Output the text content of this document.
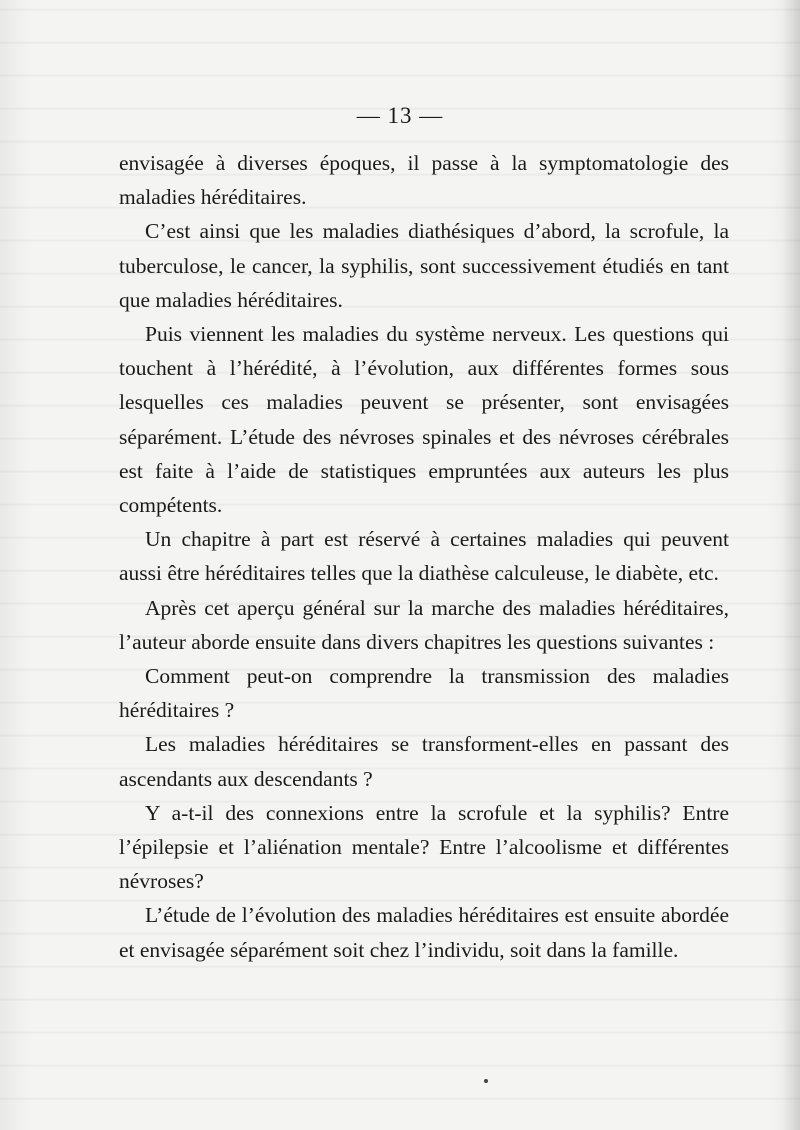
— 13 —

envisagée à diverses époques, il passe à la symptomatologie des maladies héréditaires.

C’est ainsi que les maladies diathésiques d’abord, la scrofule, la tuberculose, le cancer, la syphilis, sont successivement étudiés en tant que maladies héréditaires.

Puis viennent les maladies du système nerveux. Les questions qui touchent à l’hérédité, à l’évolution, aux différentes formes sous lesquelles ces maladies peuvent se présenter, sont envisagées séparément. L’étude des névroses spinales et des névroses cérébrales est faite à l’aide de statistiques empruntées aux auteurs les plus compétents.

Un chapitre à part est réservé à certaines maladies qui peuvent aussi être héréditaires telles que la diathèse calculeuse, le diabète, etc.

Après cet aperçu général sur la marche des maladies héréditaires, l’auteur aborde ensuite dans divers chapitres les questions suivantes :

Comment peut-on comprendre la transmission des maladies héréditaires ?

Les maladies héréditaires se transforment-elles en passant des ascendants aux descendants ?

Y a-t-il des connexions entre la scrofule et la syphilis? Entre l’épilepsie et l’aliénation mentale? Entre l’alcoolisme et différentes névroses?

L’étude de l’évolution des maladies héréditaires est ensuite abordée et envisagée séparément soit chez l’individu, soit dans la famille.
